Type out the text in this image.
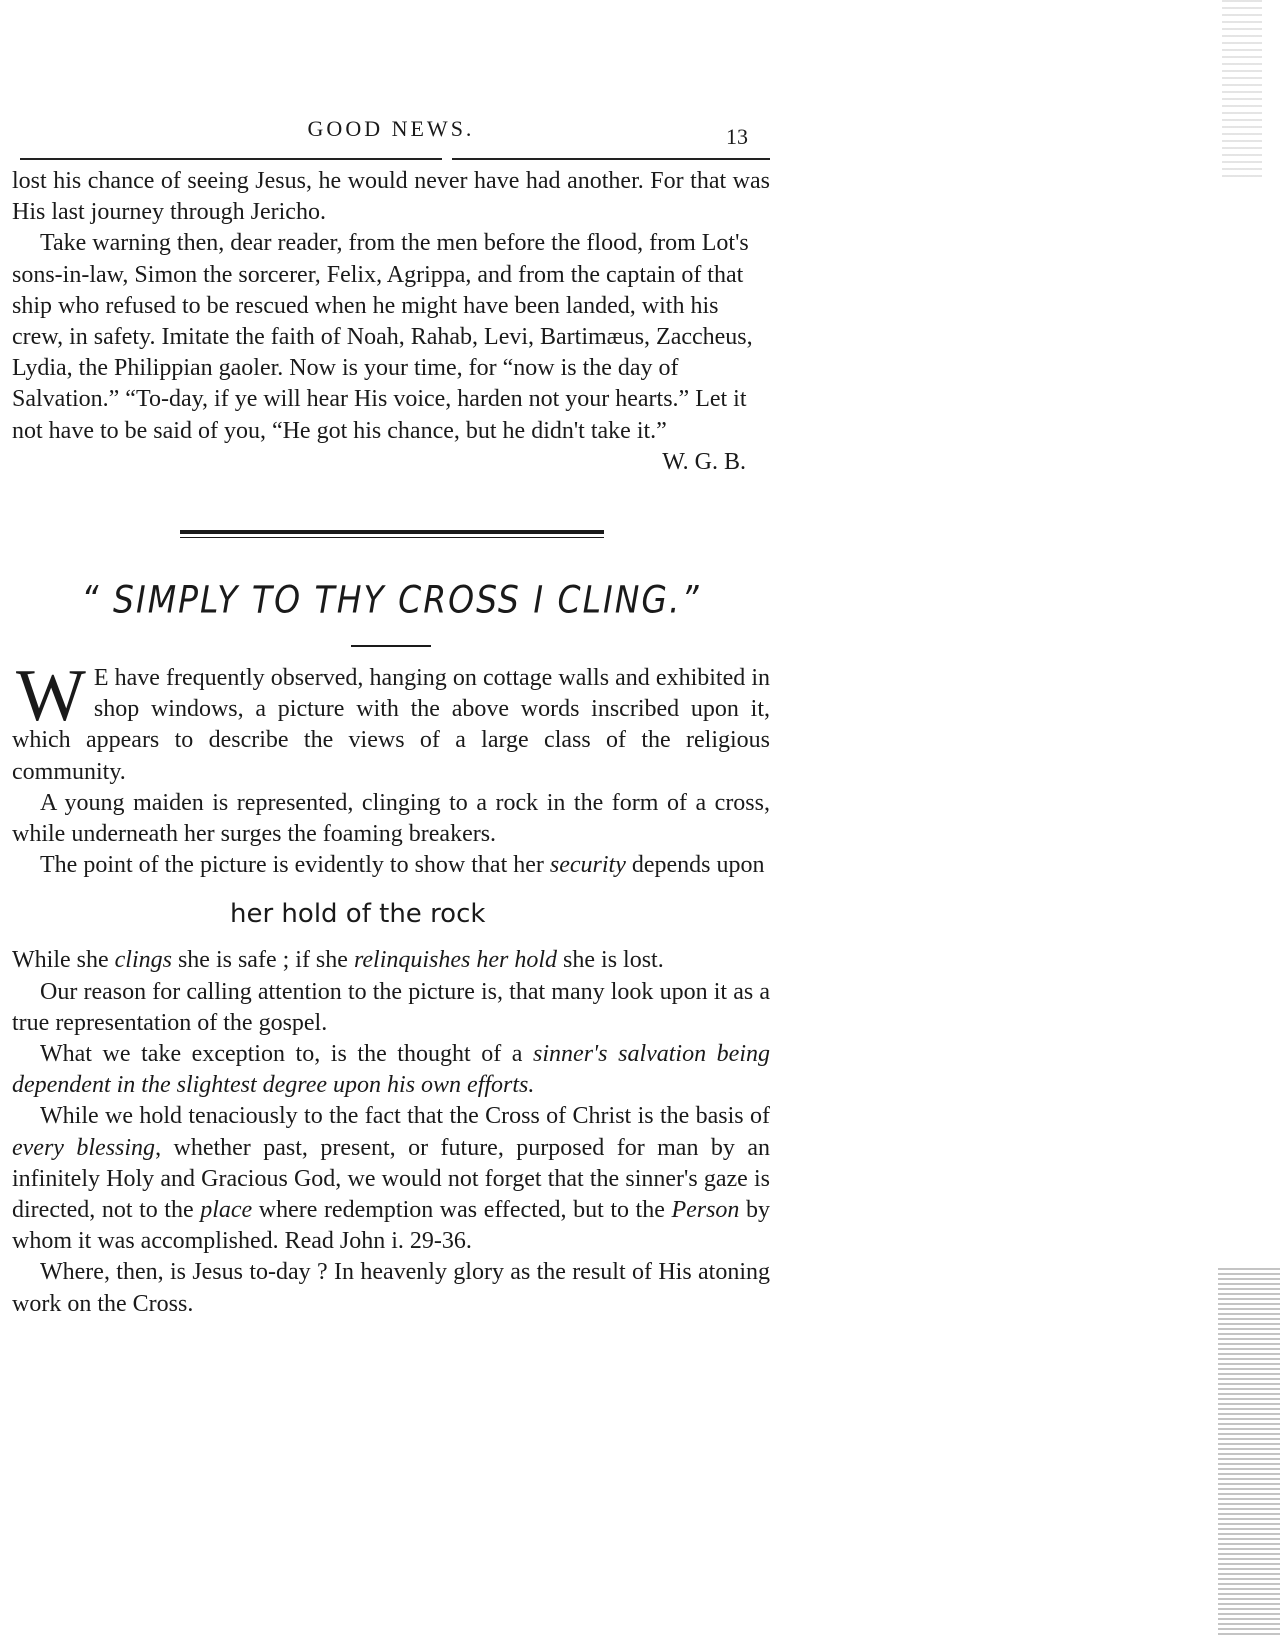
GOOD NEWS.	13

lost his chance of seeing Jesus, he would never have had another. For that was His last journey through Jericho.

Take warning then, dear reader, from the men before the flood, from Lot's sons-in-law, Simon the sorcerer, Felix, Agrippa, and from the captain of that ship who refused to be rescued when he might have been landed, with his crew, in safety. Imitate the faith of Noah, Rahab, Levi, Bartimæus, Zaccheus, Lydia, the Philippian gaoler. Now is your time, for “now is the day of Salvation.” “To-day, if ye will hear His voice, harden not your hearts.” Let it not have to be said of you, “He got his chance, but he didn't take it.”
W. G. B.

“ SIMPLY TO THY CROSS I CLING.”

W E have frequently observed, hanging on cottage walls and exhibited in shop windows, a picture with the above words inscribed upon it, which appears to describe the views of a large class of the religious community.

A young maiden is represented, clinging to a rock in the form of a cross, while underneath her surges the foaming breakers.

The point of the picture is evidently to show that her security depends upon

her hold of the rock

While she clings she is safe ; if she relinquishes her hold she is lost.

Our reason for calling attention to the picture is, that many look upon it as a true representation of the gospel.

What we take exception to, is the thought of a sinner's salvation being dependent in the slightest degree upon his own efforts.

While we hold tenaciously to the fact that the Cross of Christ is the basis of every blessing, whether past, present, or future, purposed for man by an infinitely Holy and Gracious God, we would not forget that the sinner's gaze is directed, not to the place where redemption was effected, but to the Person by whom it was accomplished. Read John i. 29-36.

Where, then, is Jesus to-day ? In heavenly glory as the result of His atoning work on the Cross.
